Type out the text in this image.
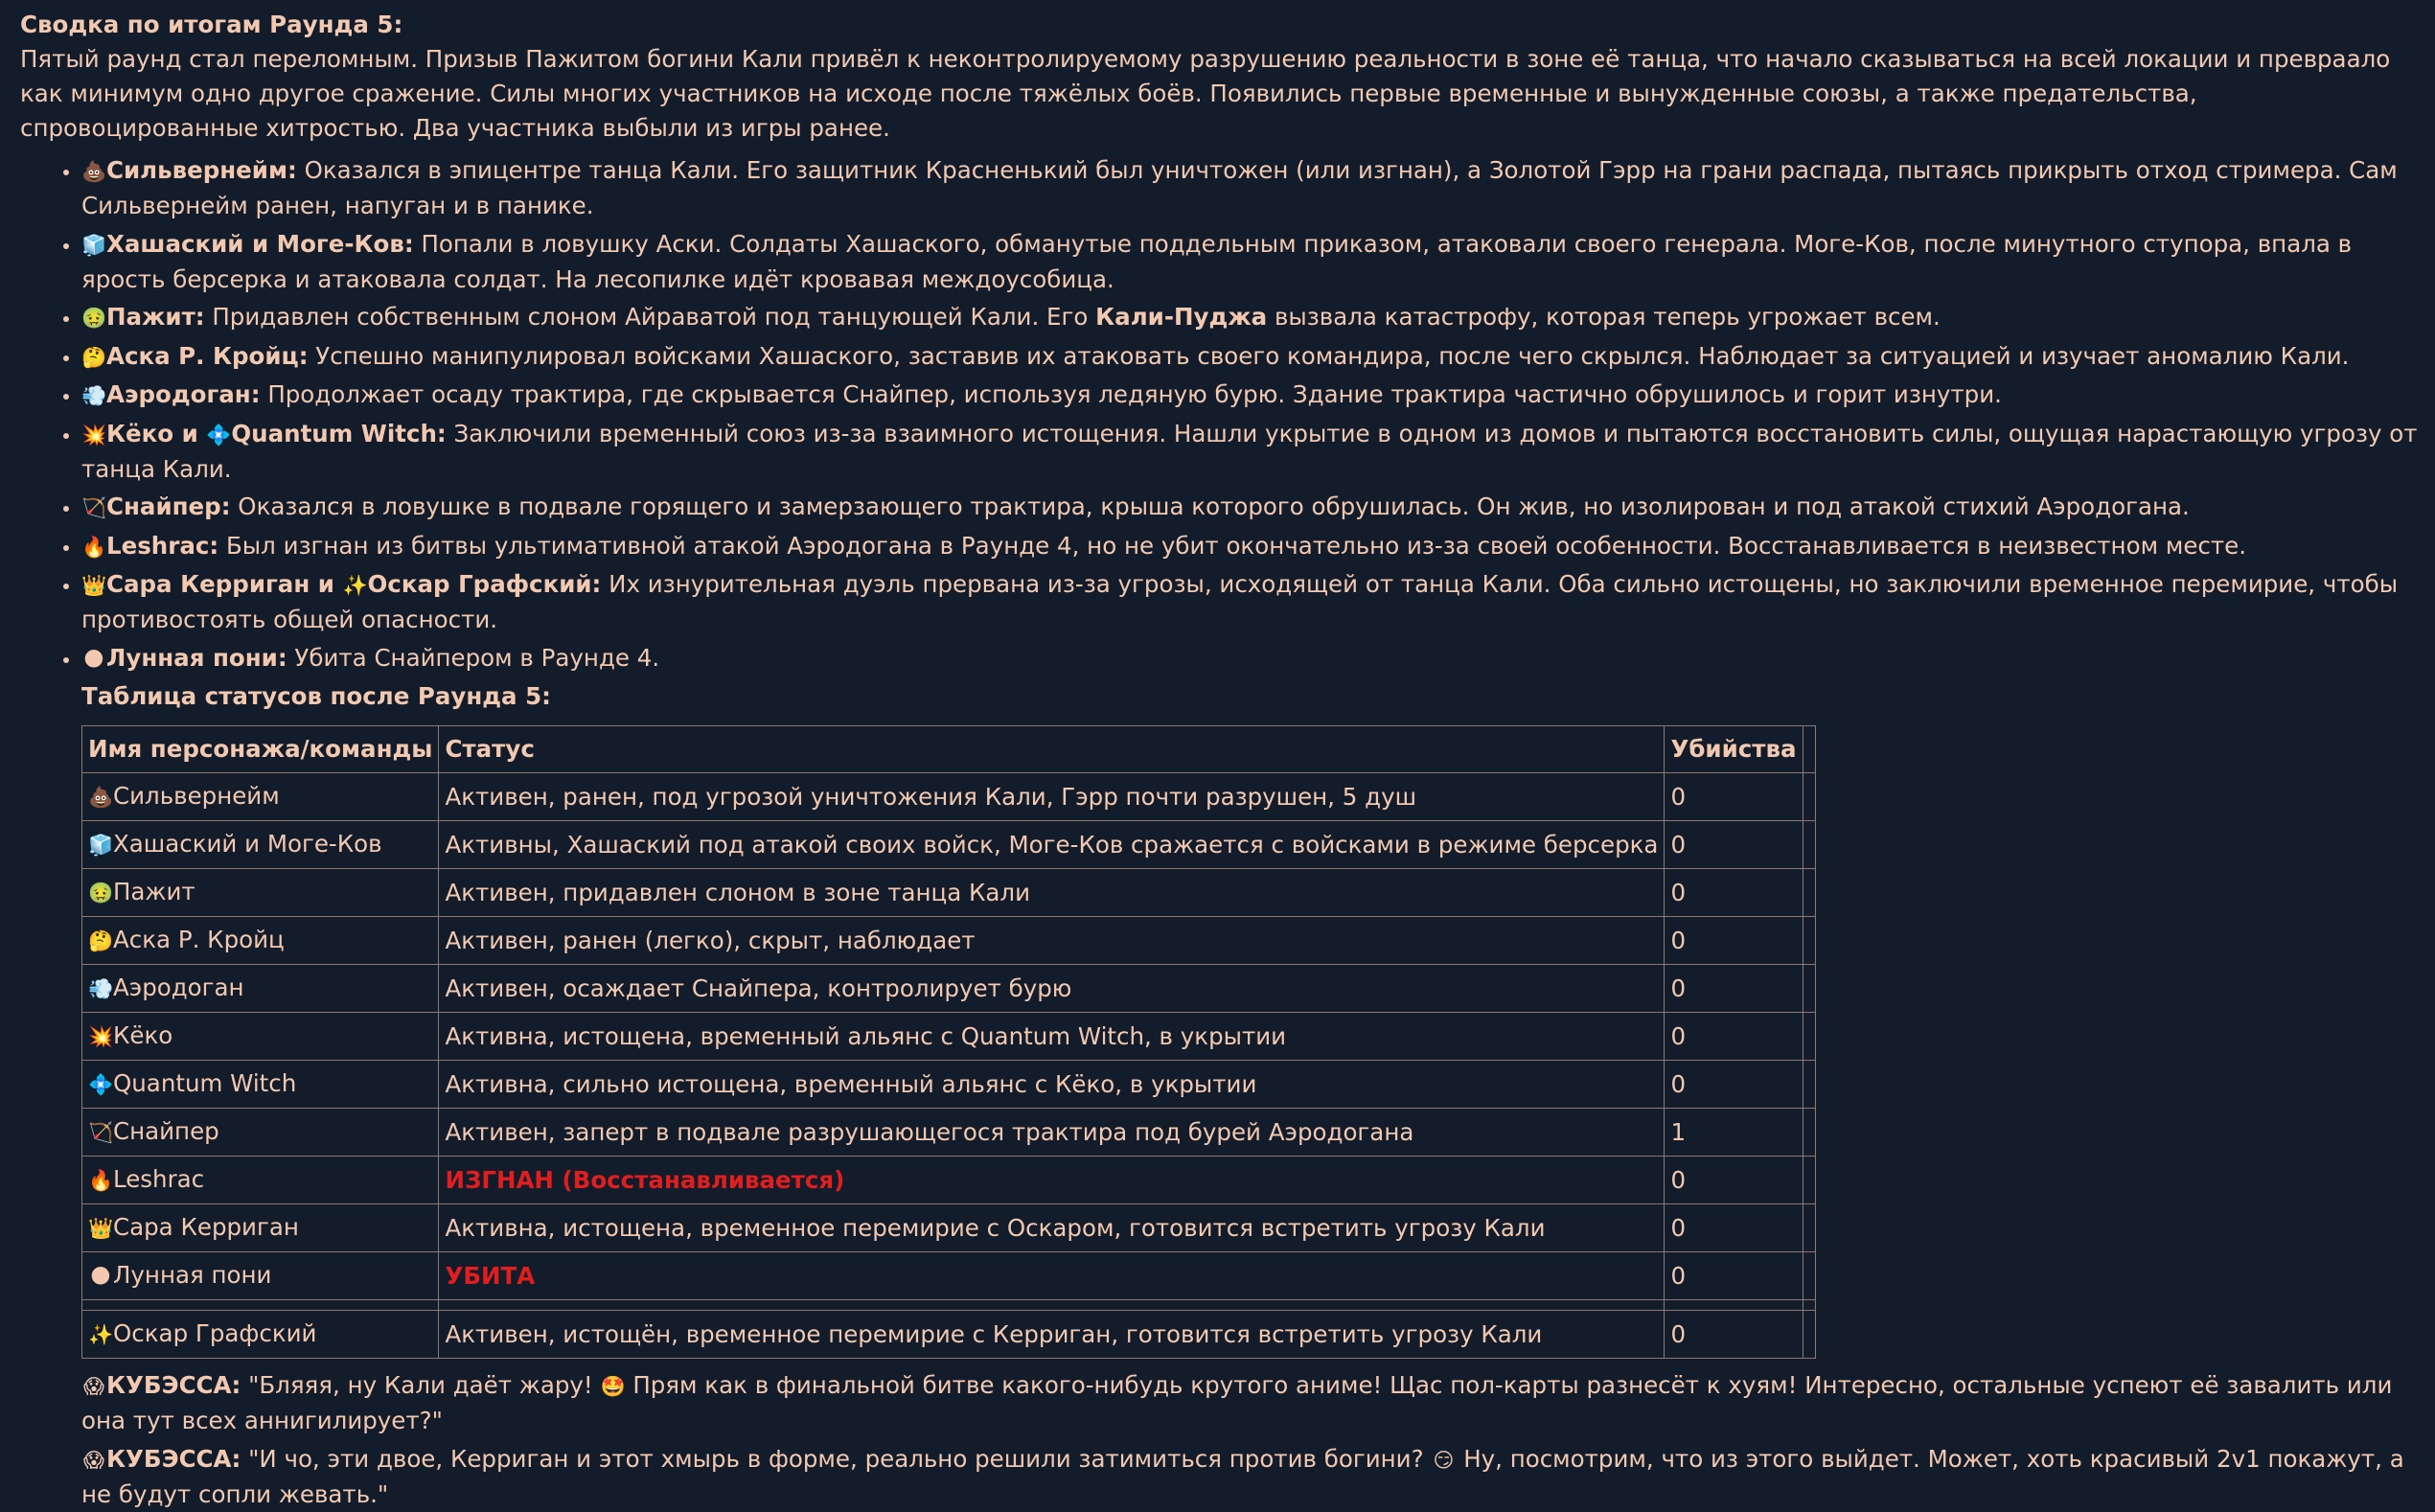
Сводка по итогам Раунда 5:

Пятый раунд стал переломным. Призыв Пажитом богини Кали привёл к неконтролируемому разрушению реальности в зоне её танца, что начало сказываться на всей локации и превраало как минимум одно другое сражение. Силы многих участников на исходе после тяжёлых боёв. Появились первые временные и вынужденные союзы, а также предательства, спровоцированные хитростью. Два участника выбыли из игры ранее.

• 💩Сильвернейм: Оказался в эпицентре танца Кали. Его защитник Красненький был уничтожен (или изгнан), а Золотой Гэрр на грани распада, пытаясь прикрыть отход стримера. Сам Сильвернейм ранен, напуган и в панике.
• 🧊Хашаский и Моге-Ков: Попали в ловушку Аски. Солдаты Хашаского, обманутые поддельным приказом, атаковали своего генерала. Моге-Ков, после минутного ступора, впала в ярость берсерка и атаковала солдат. На лесопилке идёт кровавая междоусобица.
• 🤢Пажит: Придавлен собственным слоном Айраватой под танцующей Кали. Его Кали-Пуджа вызвала катастрофу, которая теперь угрожает всем.
• 🤔Аска Р. Кройц: Успешно манипулировал войсками Хашаского, заставив их атаковать своего командира, после чего скрылся. Наблюдает за ситуацией и изучает аномалию Кали.
• 💨Аэродоган: Продолжает осаду трактира, где скрывается Снайпер, используя ледяную бурю. Здание трактира частично обрушилось и горит изнутри.
• 💥Кёко и 💠Quantum Witch: Заключили временный союз из-за взаимного истощения. Нашли укрытие в одном из домов и пытаются восстановить силы, ощущая нарастающую угрозу от танца Кали.
• 🏹Снайпер: Оказался в ловушке в подвале горящего и замерзающего трактира, крыша которого обрушилась. Он жив, но изолирован и под атакой стихий Аэродогана.
• 🔥Leshrac: Был изгнан из битвы ультимативной атакой Аэродогана в Раунде 4, но не убит окончательно из-за своей особенности. Восстанавливается в неизвестном месте.
• 👑Сара Керриган и ✨Оскар Графский: Их изнурительная дуэль прервана из-за угрозы, исходящей от танца Кали. Оба сильно истощены, но заключили временное перемирие, чтобы противостоять общей опасности.
• 🌑Лунная пони: Убита Снайпером в Раунде 4.

Таблица статусов после Раунда 5:

Имя персонажа/команды	Статус	Убийства	
💩Сильвернейм	Активен, ранен, под угрозой уничтожения Кали, Гэрр почти разрушен, 5 душ	0	
🧊Хашаский и Моге-Ков	Активны, Хашаский под атакой своих войск, Моге-Ков сражается с войсками в режиме берсерка	0	
🤢Пажит	Активен, придавлен слоном в зоне танца Кали	0	
🤔Аска Р. Кройц	Активен, ранен (легко), скрыт, наблюдает	0	
💨Аэродоган	Активен, осаждает Снайпера, контролирует бурю	0	
💥Кёко	Активна, истощена, временный альянс с Quantum Witch, в укрытии	0	
💠Quantum Witch	Активна, сильно истощена, временный альянс с Кёко, в укрытии	0	
🏹Снайпер	Активен, заперт в подвале разрушающегося трактира под бурей Аэродогана	1	
🔥Leshrac	ИЗГНАН (Восстанавливается)	0	
👑Сара Керриган	Активна, истощена, временное перемирие с Оскаром, готовится встретить угрозу Кали	0	
🌑Лунная пони	УБИТА	0	

✨Оскар Графский	Активен, истощён, временное перемирие с Керриган, готовится встретить угрозу Кали	0	

😱КУБЭССА: "Бляяя, ну Кали даёт жару! 🤩 Прям как в финальной битве какого-нибудь крутого аниме! Щас пол-карты разнесёт к хуям! Интересно, остальные успеют её завалить или она тут всех аннигилирует?"

😱КУБЭССА: "И чо, эти двое, Керриган и этот хмырь в форме, реально решили затимиться против богини? 😏 Ну, посмотрим, что из этого выйдет. Может, хоть красивый 2v1 покажут, а не будут сопли жевать."
